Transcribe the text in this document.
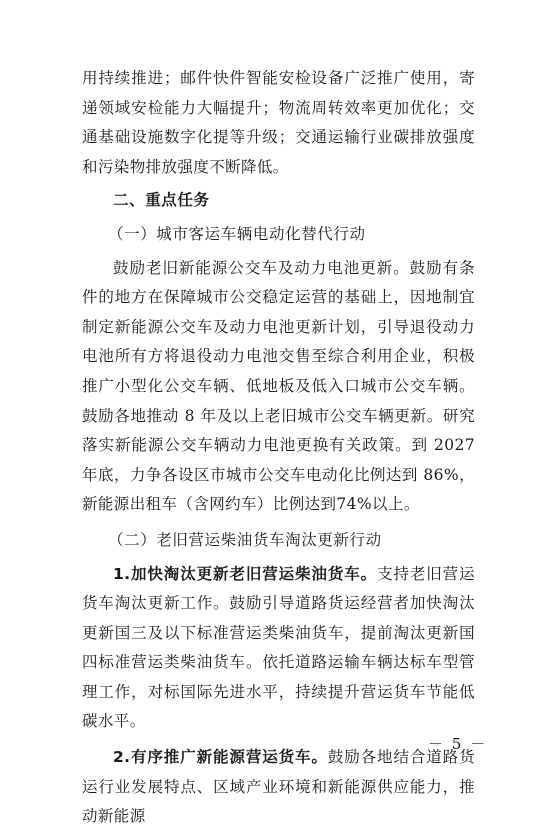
用持续推进；邮件快件智能安检设备广泛推广使用，寄递领域安检能力大幅提升；物流周转效率更加优化；交通基础设施数字化提等升级；交通运输行业碳排放强度和污染物排放强度不断降低。

二、重点任务

（一）城市客运车辆电动化替代行动

鼓励老旧新能源公交车及动力电池更新。鼓励有条件的地方在保障城市公交稳定运营的基础上，因地制宜制定新能源公交车及动力电池更新计划，引导退役动力电池所有方将退役动力电池交售至综合利用企业，积极推广小型化公交车辆、低地板及低入口城市公交车辆。鼓励各地推动 8 年及以上老旧城市公交车辆更新。研究落实新能源公交车辆动力电池更换有关政策。到 2027 年底，力争各设区市城市公交车电动化比例达到 86%，新能源出租车（含网约车）比例达到74%以上。

（二）老旧营运柴油货车淘汰更新行动

1.加快淘汰更新老旧营运柴油货车。支持老旧营运货车淘汰更新工作。鼓励引导道路货运经营者加快淘汰更新国三及以下标准营运类柴油货车，提前淘汰更新国四标准营运类柴油货车。依托道路运输车辆达标车型管理工作，对标国际先进水平，持续提升营运货车节能低碳水平。

2.有序推广新能源营运货车。鼓励各地结合道路货运行业发展特点、区域产业环境和新能源供应能力，推动新能源

－ 5 －
